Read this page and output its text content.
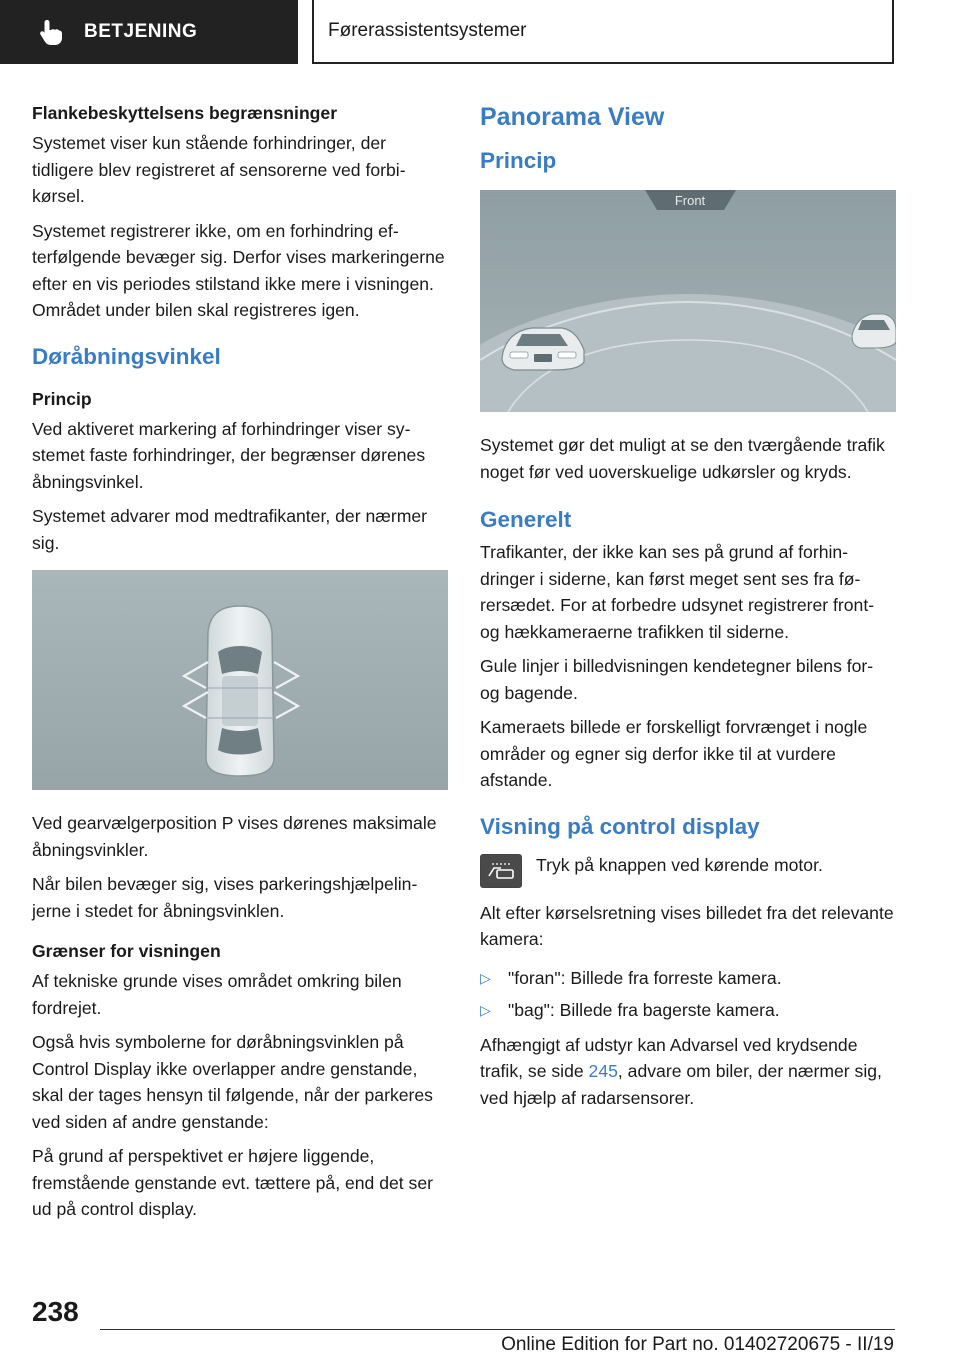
BETJENING	Førerassistentsystemer
Flankebeskyttelsens begrænsninger

Systemet viser kun stående forhindringer, der tidligere blev registreret af sensorerne ved forbikørsel.

Systemet registrerer ikke, om en forhindring efterfølgende bevæger sig. Derfor vises markeringerne efter en vis periodes stilstand ikke mere i visningen. Området under bilen skal registreres igen.

Døråbningsvinkel
Princip

Ved aktiveret markering af forhindringer viser systemet faste forhindringer, der begrænser dørenes åbningsvinkel.

Systemet advarer mod medtrafikanter, der nærmer sig.

Ved gearvælgerposition P vises dørenes maksimale åbningsvinkler.

Når bilen bevæger sig, vises parkeringshjælpelinjerne i stedet for åbningsvinklen.

Grænser for visningen

Af tekniske grunde vises området omkring bilen fordrejet.

Også hvis symbolerne for døråbningsvinklen på Control Display ikke overlapper andre genstande, skal der tages hensyn til følgende, når der parkeres ved siden af andre genstande:

På grund af perspektivet er højere liggende, fremstående genstande evt. tættere på, end det ser ud på control display.

Panorama View
Princip
Front

Systemet gør det muligt at se den tværgående trafik noget før ved uoverskuelige udkørsler og kryds.

Generelt

Trafikanter, der ikke kan ses på grund af forhindringer i siderne, kan først meget sent ses fra førersædet. For at forbedre udsynet registrerer front- og hækkameraerne trafikken til siderne.

Gule linjer i billedvisningen kendetegner bilens for- og bagende.

Kameraets billede er forskelligt forvrænget i nogle områder og egner sig derfor ikke til at vurdere afstande.

Visning på control display

Tryk på knappen ved kørende motor.

Alt efter kørselsretning vises billedet fra det relevante kamera:

▷ "foran": Billede fra forreste kamera.
▷ "bag": Billede fra bagerste kamera.

Afhængigt af udstyr kan Advarsel ved krydsende trafik, se side 245, advare om biler, der nærmer sig, ved hjælp af radarsensorer.

238
Online Edition for Part no. 01402720675 - II/19
